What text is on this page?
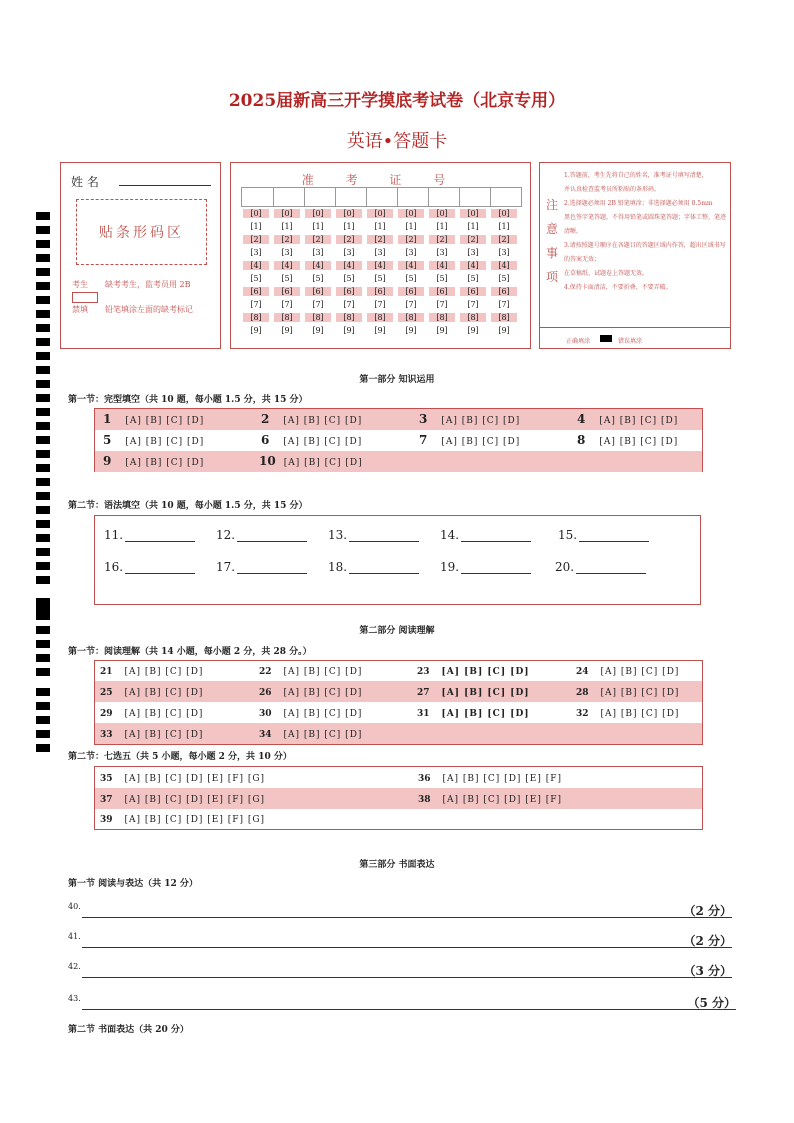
2025届新高三开学摸底考试卷（北京专用）
英语•答题卡
姓 名
贴条形码区
考生 缺考考生，监考员用 2B
禁填 铅笔填涂左面的缺考标记
准 考 证 号
[0]	[0]	[0]	[0]	[0]	[0]	[0]	[0]	[0]
[1]	[1]	[1]	[1]	[1]	[1]	[1]	[1]	[1]
[2]	[2]	[2]	[2]	[2]	[2]	[2]	[2]	[2]
[3]	[3]	[3]	[3]	[3]	[3]	[3]	[3]	[3]
[4]	[4]	[4]	[4]	[4]	[4]	[4]	[4]	[4]
[5]	[5]	[5]	[5]	[5]	[5]	[5]	[5]	[5]
[6]	[6]	[6]	[6]	[6]	[6]	[6]	[6]	[6]
[7]	[7]	[7]	[7]	[7]	[7]	[7]	[7]	[7]
[8]	[8]	[8]	[8]	[8]	[8]	[8]	[8]	[8]
[9]	[9]	[9]	[9]	[9]	[9]	[9]	[9]	[9]
注意事项
1.答题前，考生先将自己的姓名，准考证号填写清楚，
并认真检查监考员所粘贴的条形码。
2.选择题必须用 2B 铅笔填涂；非选择题必须用 0.5mm
黑色签字笔答题，不得用铅笔或圆珠笔答题；字体工整、笔迹清晰。
3.请按照题号顺序在各题目的答题区域内作答，超出区域书写的答案无效；
在草稿纸、试题卷上答题无效。
4.保持卡面清洁，不要折叠、不要弄破。
正确填涂	错误填涂
第一部分 知识运用
第一节：完型填空（共 10 题，每小题 1.5 分，共 15 分）
1 [A] [B] [C] [D]	2 [A] [B] [C] [D]	3 [A] [B] [C] [D]	4 [A] [B] [C] [D]
5 [A] [B] [C] [D]	6 [A] [B] [C] [D]	7 [A] [B] [C] [D]	8 [A] [B] [C] [D]
9 [A] [B] [C] [D]	10 [A] [B] [C] [D]
第二节：语法填空（共 10 题，每小题 1.5 分，共 15 分）
11.	12.	13.	14.	15.
16.	17.	18.	19.	20.
第二部分 阅读理解
第一节：阅读理解（共 14 小题，每小题 2 分，共 28 分。）
21 [A] [B] [C] [D]	22 [A] [B] [C] [D]	23 [A] [B] [C] [D]	24 [A] [B] [C] [D]
25 [A] [B] [C] [D]	26 [A] [B] [C] [D]	27 [A] [B] [C] [D]	28 [A] [B] [C] [D]
29 [A] [B] [C] [D]	30 [A] [B] [C] [D]	31 [A] [B] [C] [D]	32 [A] [B] [C] [D]
33 [A] [B] [C] [D]	34 [A] [B] [C] [D]
第二节：七选五（共 5 小题，每小题 2 分，共 10 分）
35 [A] [B] [C] [D] [E] [F] [G]	36 [A] [B] [C] [D] [E] [F]
37 [A] [B] [C] [D] [E] [F] [G]	38 [A] [B] [C] [D] [E] [F]
39 [A] [B] [C] [D] [E] [F] [G]
第三部分 书面表达
第一节 阅读与表达（共 12 分）
40.	（2 分）
41.	（2 分）
42.	（3 分）
43.	（5 分）
第二节 书面表达（共 20 分）
